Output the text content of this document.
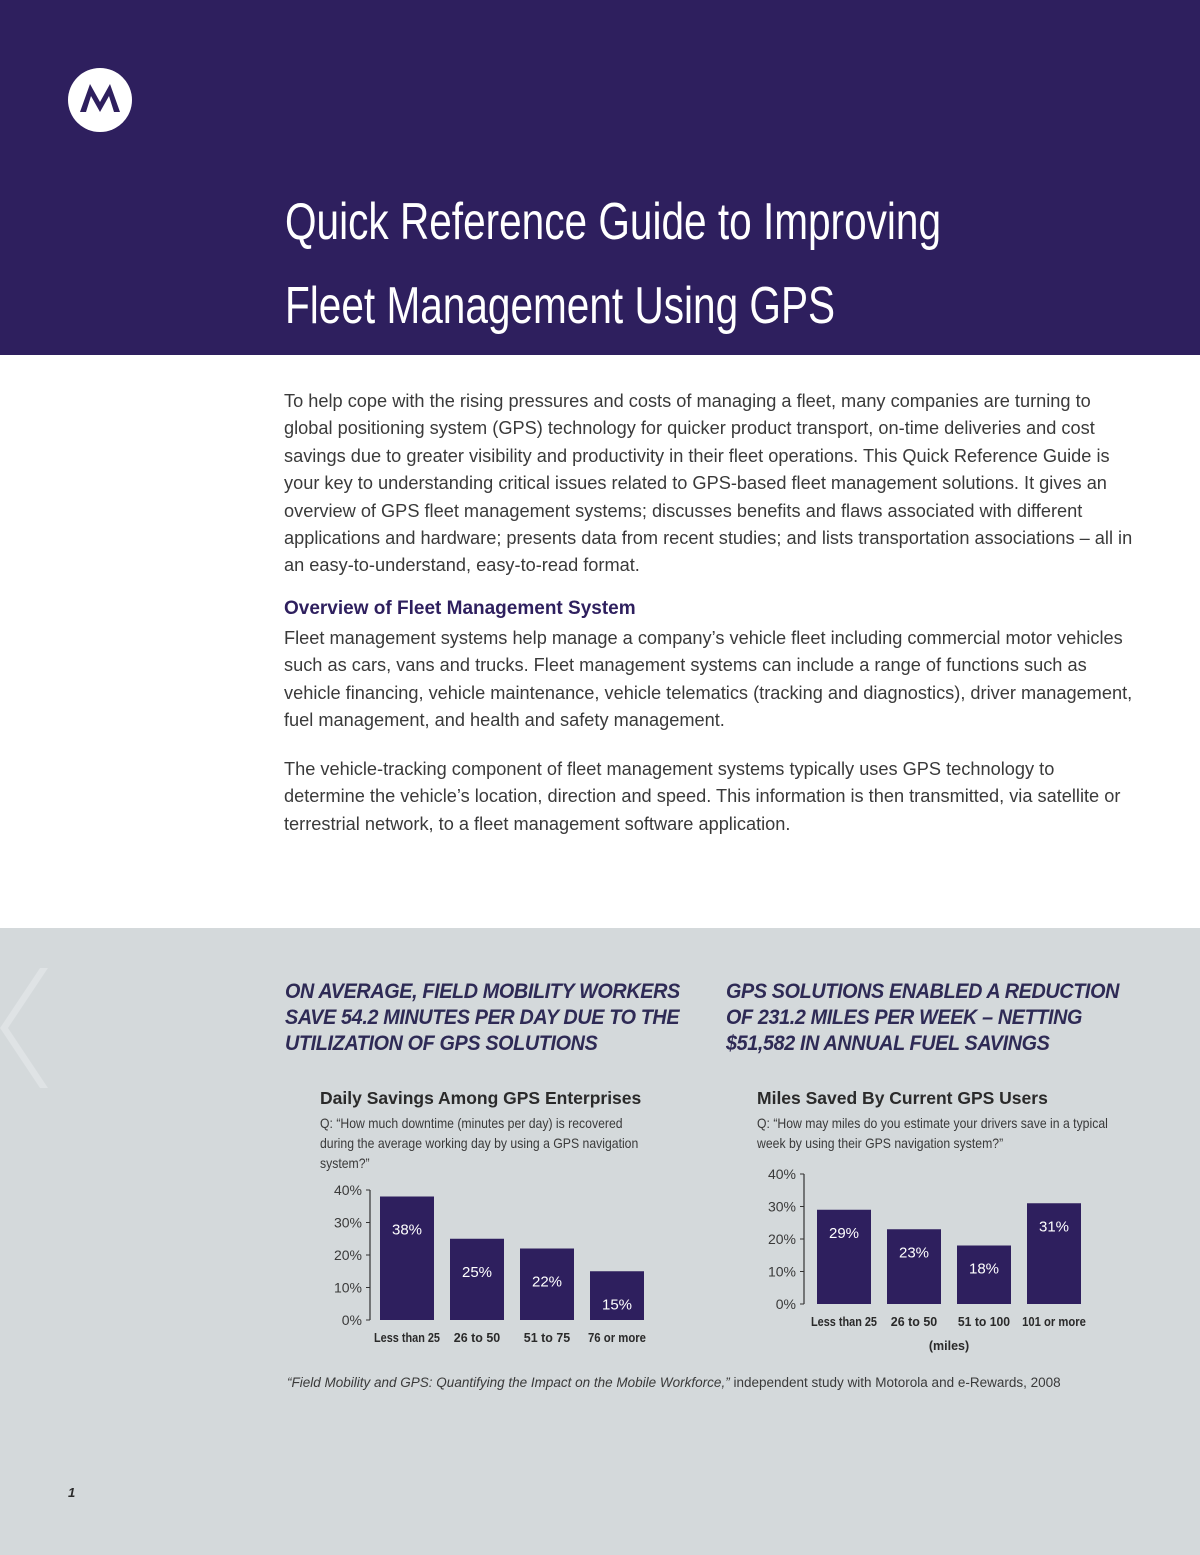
Quick Reference Guide to Improving
Fleet Management Using GPS

To help cope with the rising pressures and costs of managing a fleet, many companies are turning to global positioning system (GPS) technology for quicker product transport, on-time deliveries and cost savings due to greater visibility and productivity in their fleet operations. This Quick Reference Guide is your key to understanding critical issues related to GPS-based fleet management solutions. It gives an overview of GPS fleet management systems; discusses benefits and flaws associated with different applications and hardware; presents data from recent studies; and lists transportation associations – all in an easy-to-understand, easy-to-read format.

Overview of Fleet Management System

Fleet management systems help manage a company’s vehicle fleet including commercial motor vehicles such as cars, vans and trucks. Fleet management systems can include a range of functions such as vehicle financing, vehicle maintenance, vehicle telematics (tracking and diagnostics), driver management, fuel management, and health and safety management.

The vehicle-tracking component of fleet management systems typically uses GPS technology to determine the vehicle’s location, direction and speed. This information is then transmitted, via satellite or terrestrial network, to a fleet management software application.

ON AVERAGE, FIELD MOBILITY WORKERS SAVE 54.2 MINUTES PER DAY DUE TO THE UTILIZATION OF GPS SOLUTIONS

GPS SOLUTIONS ENABLED A REDUCTION OF 231.2 MILES PER WEEK – NETTING $51,582 IN ANNUAL FUEL SAVINGS

Daily Savings Among GPS Enterprises

Q: “How much downtime (minutes per day) is recovered during the average working day by using a GPS navigation system?”

0%
10%
20%
30%
40%
38%
Less than 25
25%
26 to 50
22%
51 to 75
15%
76 or more
Miles Saved By Current GPS Users

Q: “How may miles do you estimate your drivers save in a typical week by using their GPS navigation system?”

0%
10%
20%
30%
40%
29%
Less than 25
23%
26 to 50
18%
51 to 100
31%
101 or more
(miles)

“Field Mobility and GPS: Quantifying the Impact on the Mobile Workforce,” independent study with Motorola and e-Rewards, 2008

1
